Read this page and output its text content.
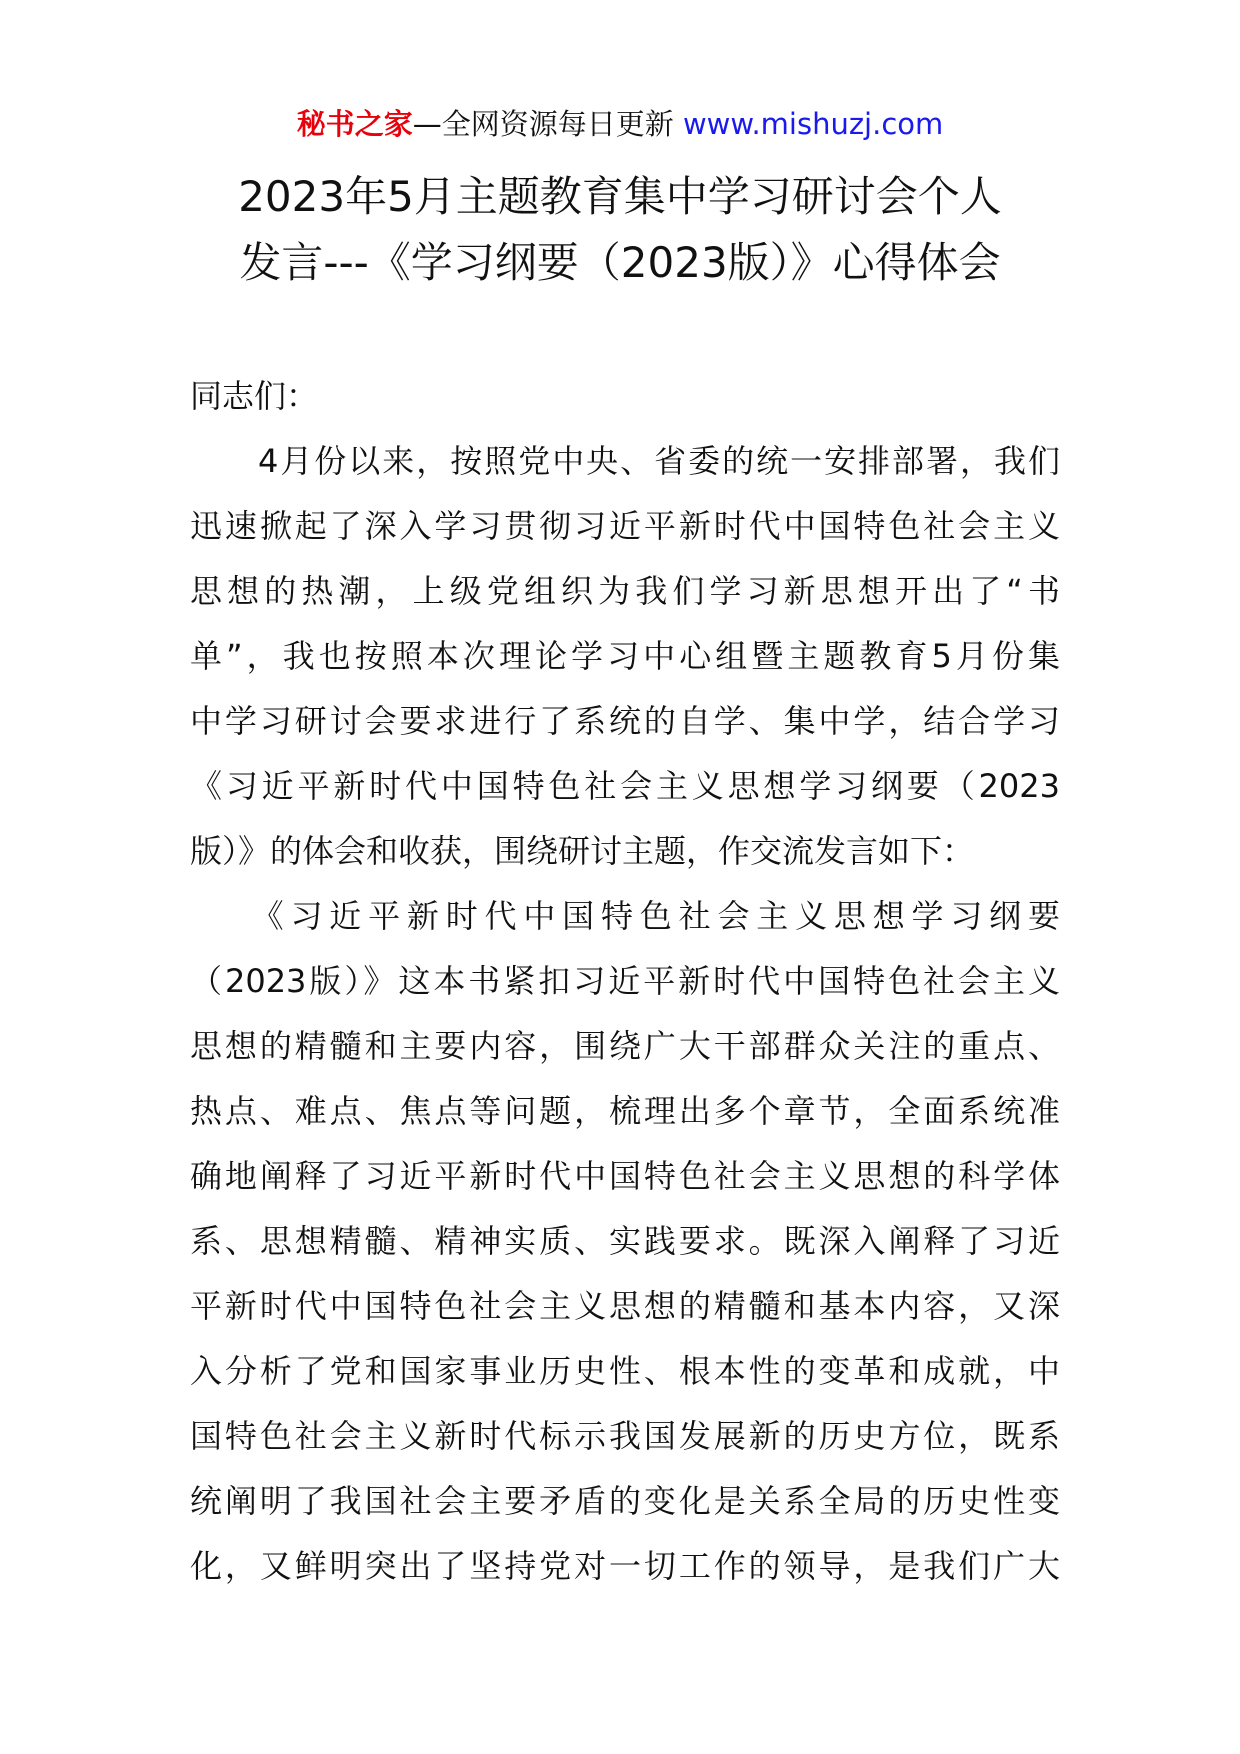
秘书之家—全网资源每日更新 www.mishuzj.com
2023年5月主题教育集中学习研讨会个人
发言---《学习纲要（2023版）》心得体会
同志们：

　　4月份以来，按照党中央、省委的统一安排部署，我们
迅速掀起了深入学习贯彻习近平新时代中国特色社会主义
思想的热潮，上级党组织为我们学习新思想开出了“书
单”，我也按照本次理论学习中心组暨主题教育5月份集
中学习研讨会要求进行了系统的自学、集中学，结合学习
《习近平新时代中国特色社会主义思想学习纲要（2023
版）》的体会和收获，围绕研讨主题，作交流发言如下：

　　《习近平新时代中国特色社会主义思想学习纲要
（2023版）》这本书紧扣习近平新时代中国特色社会主义
思想的精髓和主要内容，围绕广大干部群众关注的重点、
热点、难点、焦点等问题，梳理出多个章节，全面系统准
确地阐释了习近平新时代中国特色社会主义思想的科学体
系、思想精髓、精神实质、实践要求。既深入阐释了习近
平新时代中国特色社会主义思想的精髓和基本内容，又深
入分析了党和国家事业历史性、根本性的变革和成就，中
国特色社会主义新时代标示我国发展新的历史方位，既系
统阐明了我国社会主要矛盾的变化是关系全局的历史性变
化，又鲜明突出了坚持党对一切工作的领导，是我们广大
